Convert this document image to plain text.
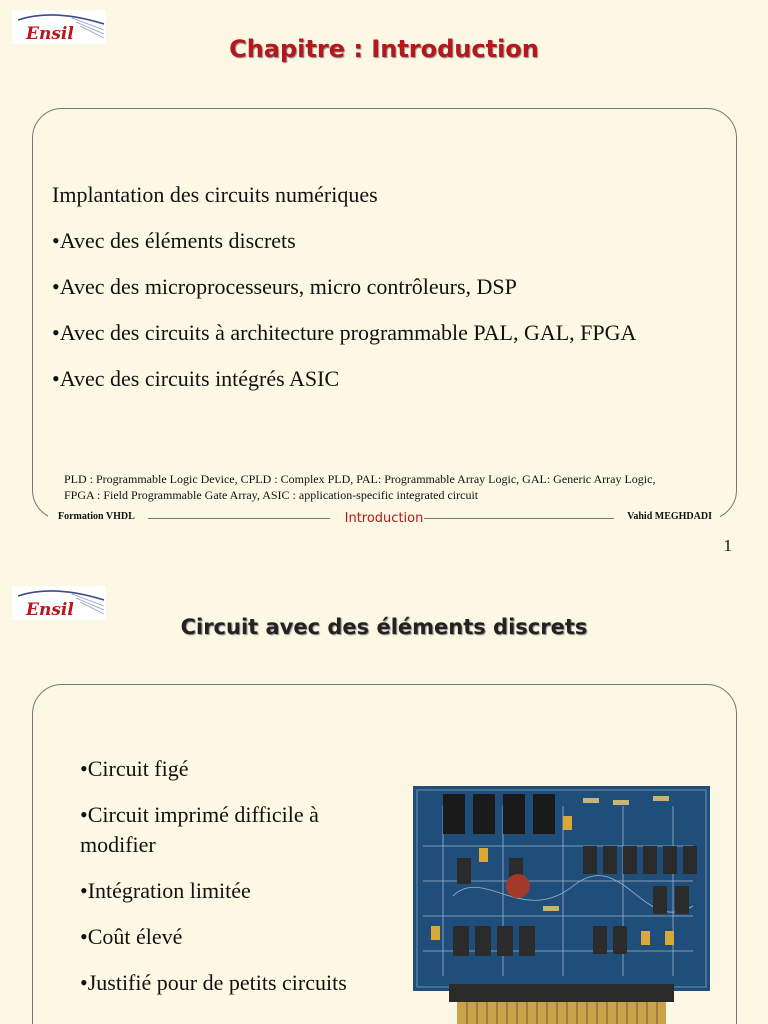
Ensil
Chapitre : Introduction
Implantation des circuits numériques
•Avec des éléments discrets
•Avec des microprocesseurs, micro contrôleurs, DSP
•Avec des circuits à architecture programmable PAL, GAL, FPGA
•Avec des circuits intégrés ASIC
PLD : Programmable Logic Device, CPLD : Complex PLD, PAL: Programmable Array Logic, GAL: Generic Array Logic,
FPGA : Field Programmable Gate Array, ASIC : application-specific integrated circuit
Formation VHDL	Introduction	Vahid MEGHDADI
1
Ensil
Circuit avec des éléments discrets
•Circuit figé
•Circuit imprimé difficile à modifier
•Intégration limitée
•Coût élevé
•Justifié pour de petits circuits
